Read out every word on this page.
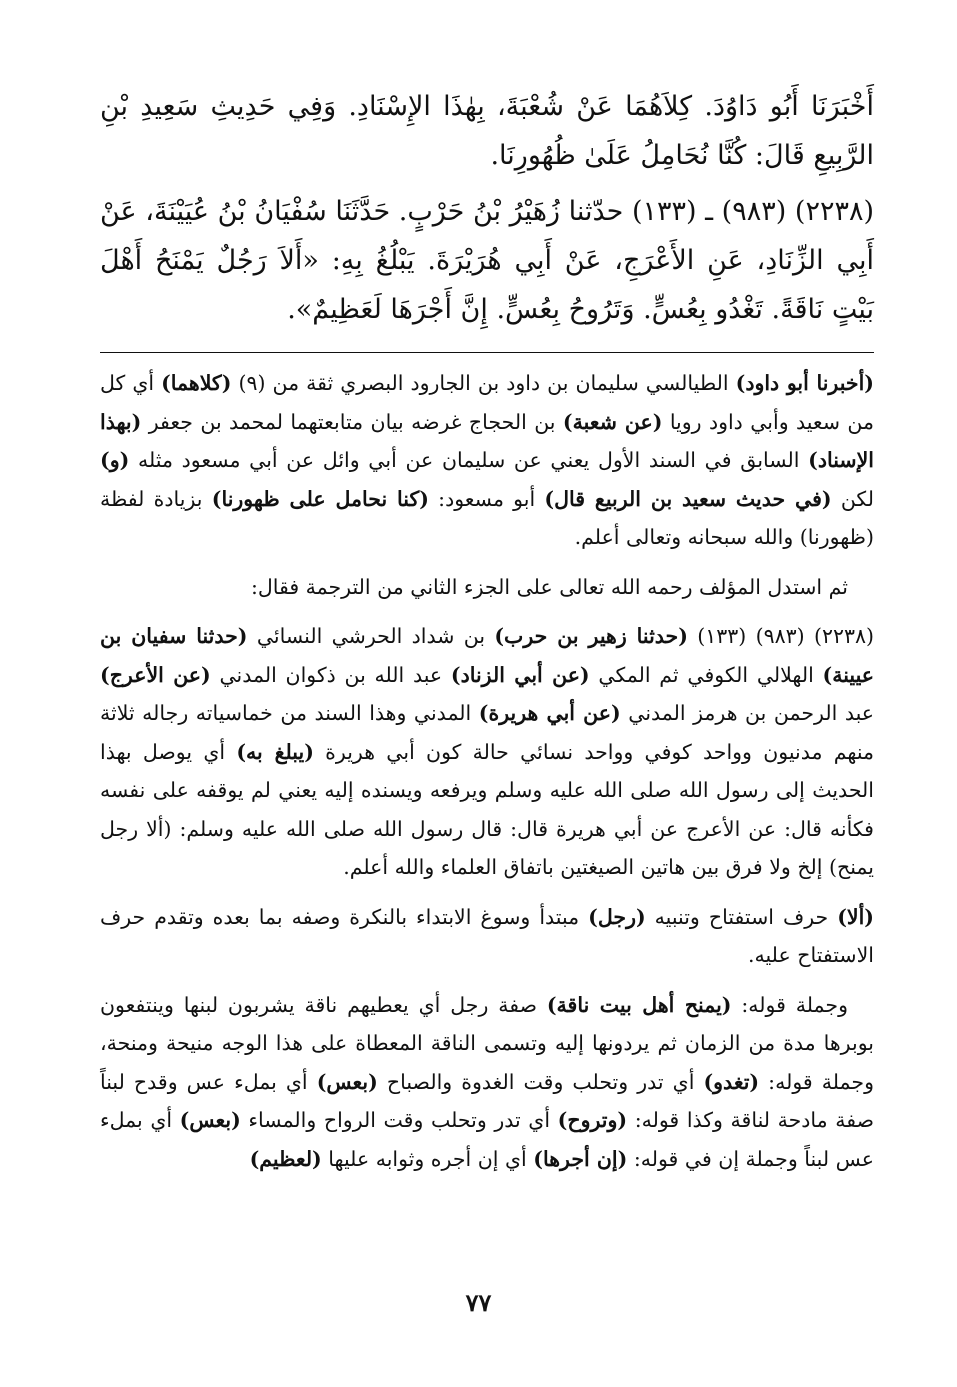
أَخْبَرَنَا أَبُو دَاوُدَ. كِلاَهُمَا عَنْ شُعْبَةَ، بِهٰذَا الإِسْنَادِ. وَفِي حَدِيثِ سَعِيدِ بْنِ الرَّبِيعِ قَالَ: كُنَّا نُحَامِلُ عَلَىٰ ظُهُورِنَا.

(٢٢٣٨) (٩٨٣) ـ (١٣٣) حدّثنا زُهَيْرُ بْنُ حَرْبٍ. حَدَّثَنَا سُفْيَانُ بْنُ عُيَيْنَةَ، عَنْ أَبِي الزِّنَادِ، عَنِ الأَعْرَجِ، عَنْ أَبِي هُرَيْرَةَ. يَبْلُغُ بِهِ: «أَلاَ رَجُلٌ يَمْنَحُ أَهْلَ بَيْتٍ نَاقَةً. تَغْدُو بِعُسٍّ. وَتَرُوحُ بِعُسٍّ. إِنَّ أَجْرَهَا لَعَظِيمٌ».

(أخبرنا أبو داود) الطيالسي سليمان بن داود بن الجارود البصري ثقة من (٩) (كلاهما) أي كل من سعيد وأبي داود رويا (عن شعبة) بن الحجاج غرضه بيان متابعتهما لمحمد بن جعفر (بهذا الإسناد) السابق في السند الأول يعني عن سليمان عن أبي وائل عن أبي مسعود مثله (و) لكن (في حديث سعيد بن الربيع قال) أبو مسعود: (كنا نحامل على ظهورنا) بزيادة لفظة (ظهورنا) والله سبحانه وتعالى أعلم.

ثم استدل المؤلف رحمه الله تعالى على الجزء الثاني من الترجمة فقال:

(٢٢٣٨) (٩٨٣) (١٣٣) (حدثنا زهير بن حرب) بن شداد الحرشي النسائي (حدثنا سفيان بن عيينة) الهلالي الكوفي ثم المكي (عن أبي الزناد) عبد الله بن ذكوان المدني (عن الأعرج) عبد الرحمن بن هرمز المدني (عن أبي هريرة) المدني وهذا السند من خماسياته رجاله ثلاثة منهم مدنيون وواحد كوفي وواحد نسائي حالة كون أبي هريرة (يبلغ به) أي يوصل بهذا الحديث إلى رسول الله صلى الله عليه وسلم ويرفعه ويسنده إليه يعني لم يوقفه على نفسه فكأنه قال: عن الأعرج عن أبي هريرة قال: قال رسول الله صلى الله عليه وسلم: (ألا رجل يمنح) إلخ ولا فرق بين هاتين الصيغتين باتفاق العلماء والله أعلم.

(ألا) حرف استفتاح وتنبيه (رجل) مبتدأ وسوغ الابتداء بالنكرة وصفه بما بعده وتقدم حرف الاستفتاح عليه.

وجملة قوله: (يمنح أهل بيت ناقة) صفة رجل أي يعطيهم ناقة يشربون لبنها وينتفعون بوبرها مدة من الزمان ثم يردونها إليه وتسمى الناقة المعطاة على هذا الوجه منيحة ومنحة، وجملة قوله: (تغدو) أي تدر وتحلب وقت الغدوة والصباح (بعس) أي بملء عس وقدح لبناً صفة مادحة لناقة وكذا قوله: (وتروح) أي تدر وتحلب وقت الرواح والمساء (بعس) أي بملء عس لبناً وجملة إن في قوله: (إن أجرها) أي إن أجره وثوابه عليها (لعظيم)

٧٧
